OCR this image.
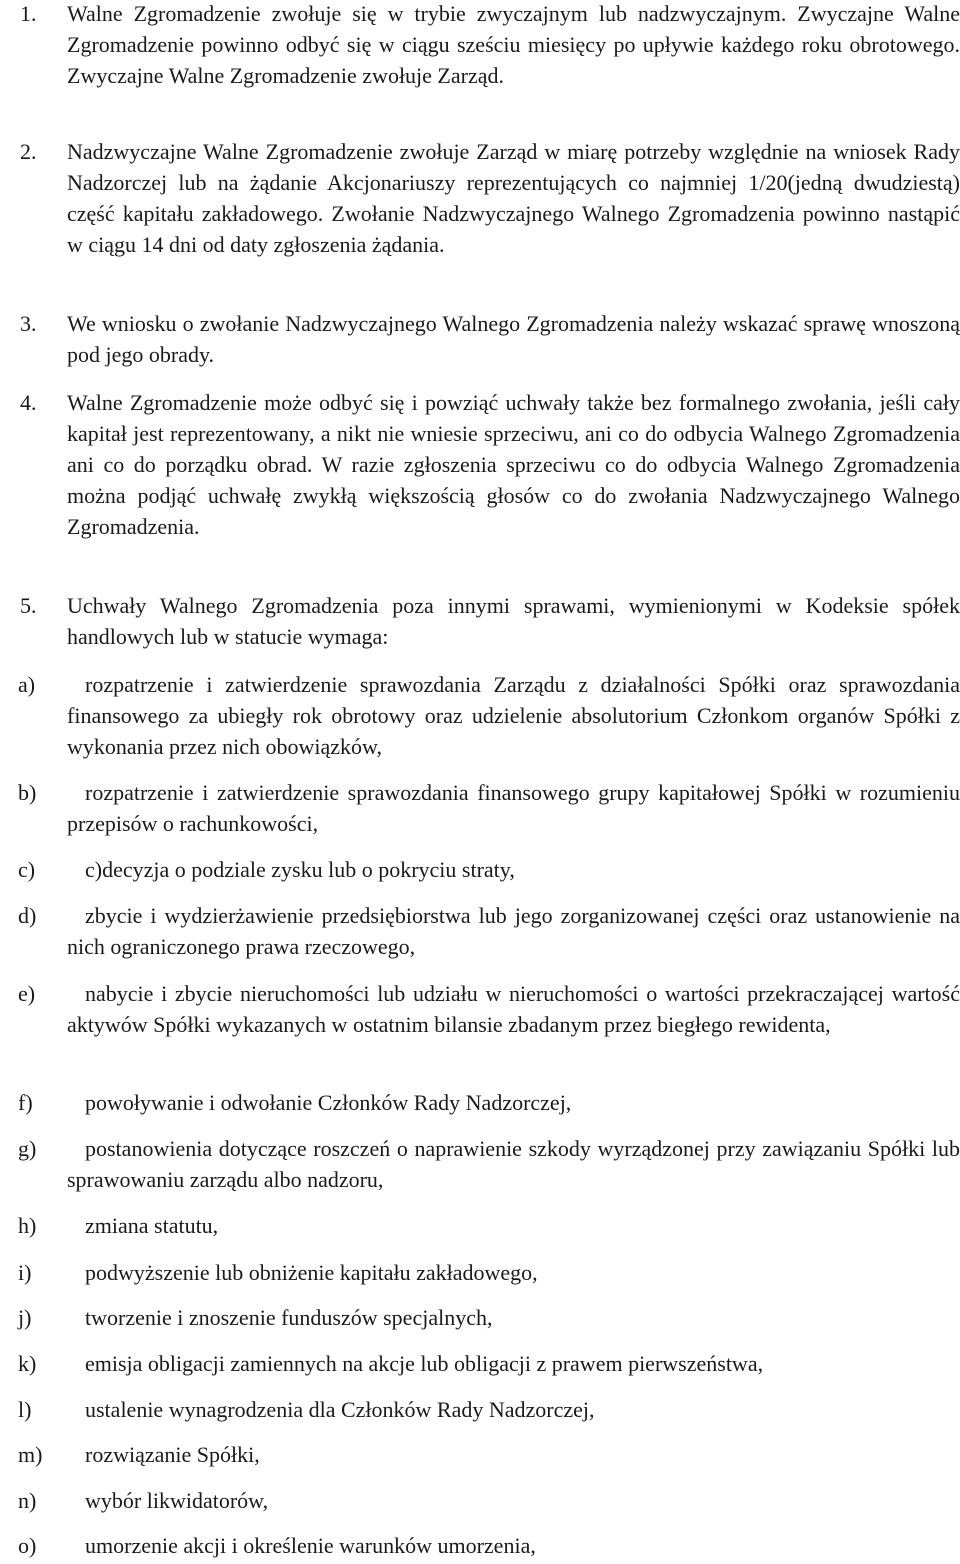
1.	Walne Zgromadzenie zwołuje się w trybie zwyczajnym lub nadzwyczajnym. Zwyczajne Walne Zgromadzenie powinno odbyć się w ciągu sześciu miesięcy po upływie każdego roku obrotowego. Zwyczajne Walne Zgromadzenie zwołuje Zarząd.
2.	Nadzwyczajne Walne Zgromadzenie zwołuje Zarząd w miarę potrzeby względnie na wniosek Rady Nadzorczej lub na żądanie Akcjonariuszy reprezentujących co najmniej 1/20(jedną dwudziestą) część kapitału zakładowego. Zwołanie Nadzwyczajnego Walnego Zgromadzenia powinno nastąpić w ciągu 14 dni od daty zgłoszenia żądania.
3.	We wniosku o zwołanie Nadzwyczajnego Walnego Zgromadzenia należy wskazać sprawę wnoszoną pod jego obrady.
4.	Walne Zgromadzenie może odbyć się i powziąć uchwały także bez formalnego zwołania, jeśli cały kapitał jest reprezentowany, a nikt nie wniesie sprzeciwu, ani co do odbycia Walnego Zgromadzenia ani co do porządku obrad. W razie zgłoszenia sprzeciwu co do odbycia Walnego Zgromadzenia można podjąć uchwałę zwykłą większością głosów co do zwołania Nadzwyczajnego Walnego Zgromadzenia.
5.	Uchwały Walnego Zgromadzenia poza innymi sprawami, wymienionymi w Kodeksie spółek handlowych lub w statucie wymaga:
a)	rozpatrzenie i zatwierdzenie sprawozdania Zarządu z działalności Spółki oraz sprawozdania finansowego za ubiegły rok obrotowy oraz udzielenie absolutorium Członkom organów Spółki z wykonania przez nich obowiązków,
b)	rozpatrzenie i zatwierdzenie sprawozdania finansowego grupy kapitałowej Spółki w rozumieniu przepisów o rachunkowości,
c)	c)decyzja o podziale zysku lub o pokryciu straty,
d)	zbycie i wydzierżawienie przedsiębiorstwa lub jego zorganizowanej części oraz ustanowienie na nich ograniczonego prawa rzeczowego,
e)	nabycie i zbycie nieruchomości lub udziału w nieruchomości o wartości przekraczającej wartość aktywów Spółki wykazanych w ostatnim bilansie zbadanym przez biegłego rewidenta,
f)	powoływanie i odwołanie Członków Rady Nadzorczej,
g)	postanowienia dotyczące roszczeń o naprawienie szkody wyrządzonej przy zawiązaniu Spółki lub sprawowaniu zarządu albo nadzoru,
h)	zmiana statutu,
i)	podwyższenie lub obniżenie kapitału zakładowego,
j)	tworzenie i znoszenie funduszów specjalnych,
k)	emisja obligacji zamiennych na akcje lub obligacji z prawem pierwszeństwa,
l)	ustalenie wynagrodzenia dla Członków Rady Nadzorczej,
m)	rozwiązanie Spółki,
n)	wybór likwidatorów,
o)	umorzenie akcji i określenie warunków umorzenia,
